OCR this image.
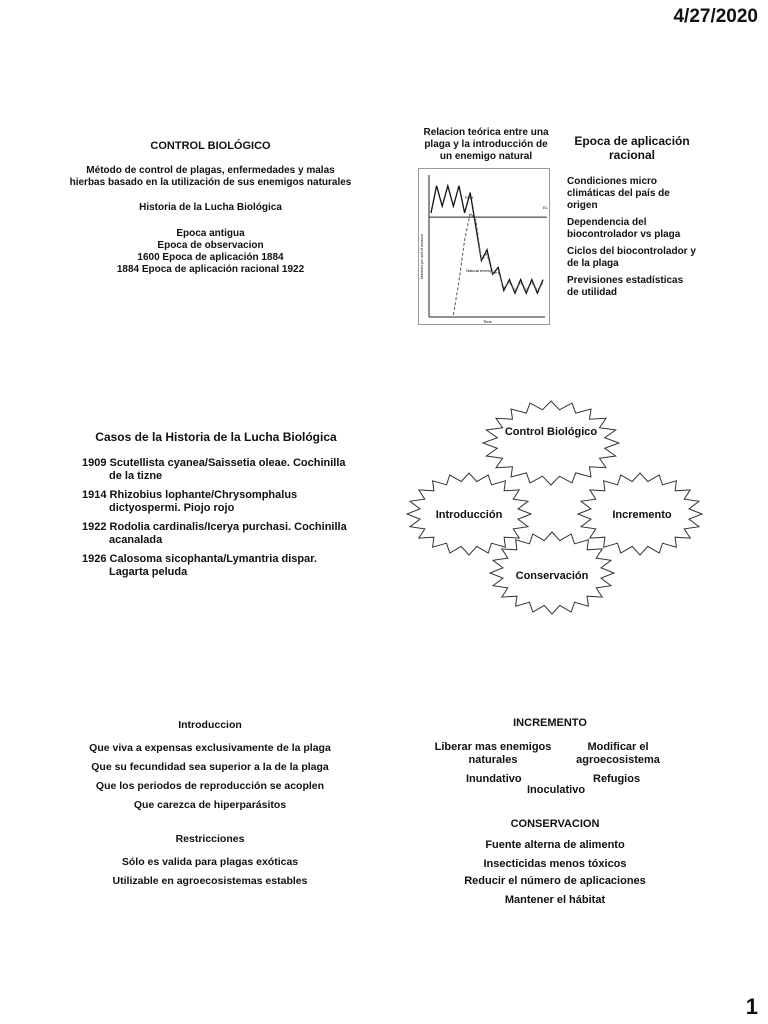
4/27/2020
1
CONTROL BIOLÓGICO
Método de control de plagas, enfermedades y malas hierbas basado en la utilización de sus enemigos naturales
Historia de la Lucha Biológica
Epoca antigua
Epoca de observacion
1600 Epoca de aplicación 1884
1884 Epoca de aplicación racional 1922
Relacion teórica entre una plaga y la introducción de un enemigo natural
EL
Pest
Natural enemy
Numbers per unit of resource
Time
Epoca de aplicación racional
Condiciones micro climáticas del país de origen
Dependencia del biocontrolador vs plaga
Ciclos del biocontrolador y de la plaga
Previsiones estadísticas de utilidad
Casos de la Historia de la Lucha Biológica
1909 Scutellista cyanea/Saissetia oleae. Cochinilla de la tizne
1914 Rhizobius lophante/Chrysomphalus dictyospermi. Piojo rojo
1922 Rodolia cardinalis/Icerya purchasi. Cochinilla acanalada
1926 Calosoma sicophanta/Lymantria dispar. Lagarta peluda
Control Biológico
Introducción	Incremento
Conservación
Introduccion
Que viva a expensas exclusivamente de la plaga
Que su fecundidad sea superior a la de la plaga
Que los periodos de reproducción se acoplen
Que carezca de hiperparásitos
Restricciones
Sólo es valida para plagas exóticas
Utilizable en agroecosistemas estables
INCREMENTO
Liberar mas enemigos naturales
Modificar el agroecosistema
Inundativo	Refugios
Inoculativo
CONSERVACION
Fuente alterna de alimento
Insecticidas menos tóxicos
Reducir el número de aplicaciones
Mantener el hábitat
